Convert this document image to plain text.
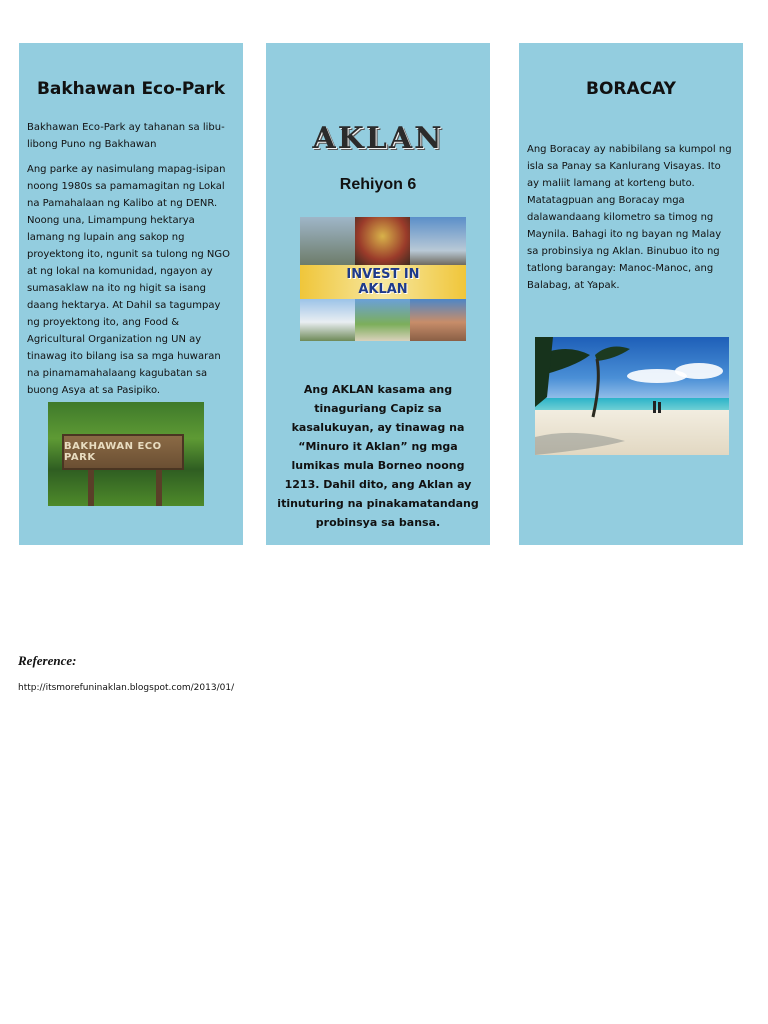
Bakhawan Eco-Park

Bakhawan Eco-Park ay tahanan sa libu-libong Puno ng Bakhawan

Ang parke ay nasimulang mapag-isipan noong 1980s sa pamamagitan ng Lokal na Pamahalaan ng Kalibo at ng DENR. Noong una, Limampung hektarya lamang ng lupain ang sakop ng proyektong ito, ngunit sa tulong ng NGO at ng lokal na komunidad, ngayon ay sumasaklaw na ito ng higit sa isang daang hektarya. At Dahil sa tagumpay ng proyektong ito, ang Food & Agricultural Organization ng UN ay tinawag ito bilang isa sa mga huwaran na pinamamahalaang kagubatan sa buong Asya at sa Pasipiko.

BAKHAWAN ECO PARK
AKLAN
Rehiyon 6
INVEST IN AKLAN

Ang AKLAN kasama ang tinaguriang Capiz sa kasalukuyan, ay tinawag na “Minuro it Aklan” ng mga lumikas mula Borneo noong 1213. Dahil dito, ang Aklan ay itinuturing na pinakamatandang probinsya sa bansa.

BORACAY

Ang Boracay ay nabibilang sa kumpol ng isla sa Panay sa Kanlurang Visayas. Ito ay maliit lamang at korteng buto. Matatagpuan ang Boracay mga dalawandaang kilometro sa timog ng Maynila. Bahagi ito ng bayan ng Malay sa probinsiya ng Aklan. Binubuo ito ng tatlong barangay: Manoc-Manoc, ang Balabag, at Yapak.

Reference:

http://itsmorefuninaklan.blogspot.com/2013/01/
